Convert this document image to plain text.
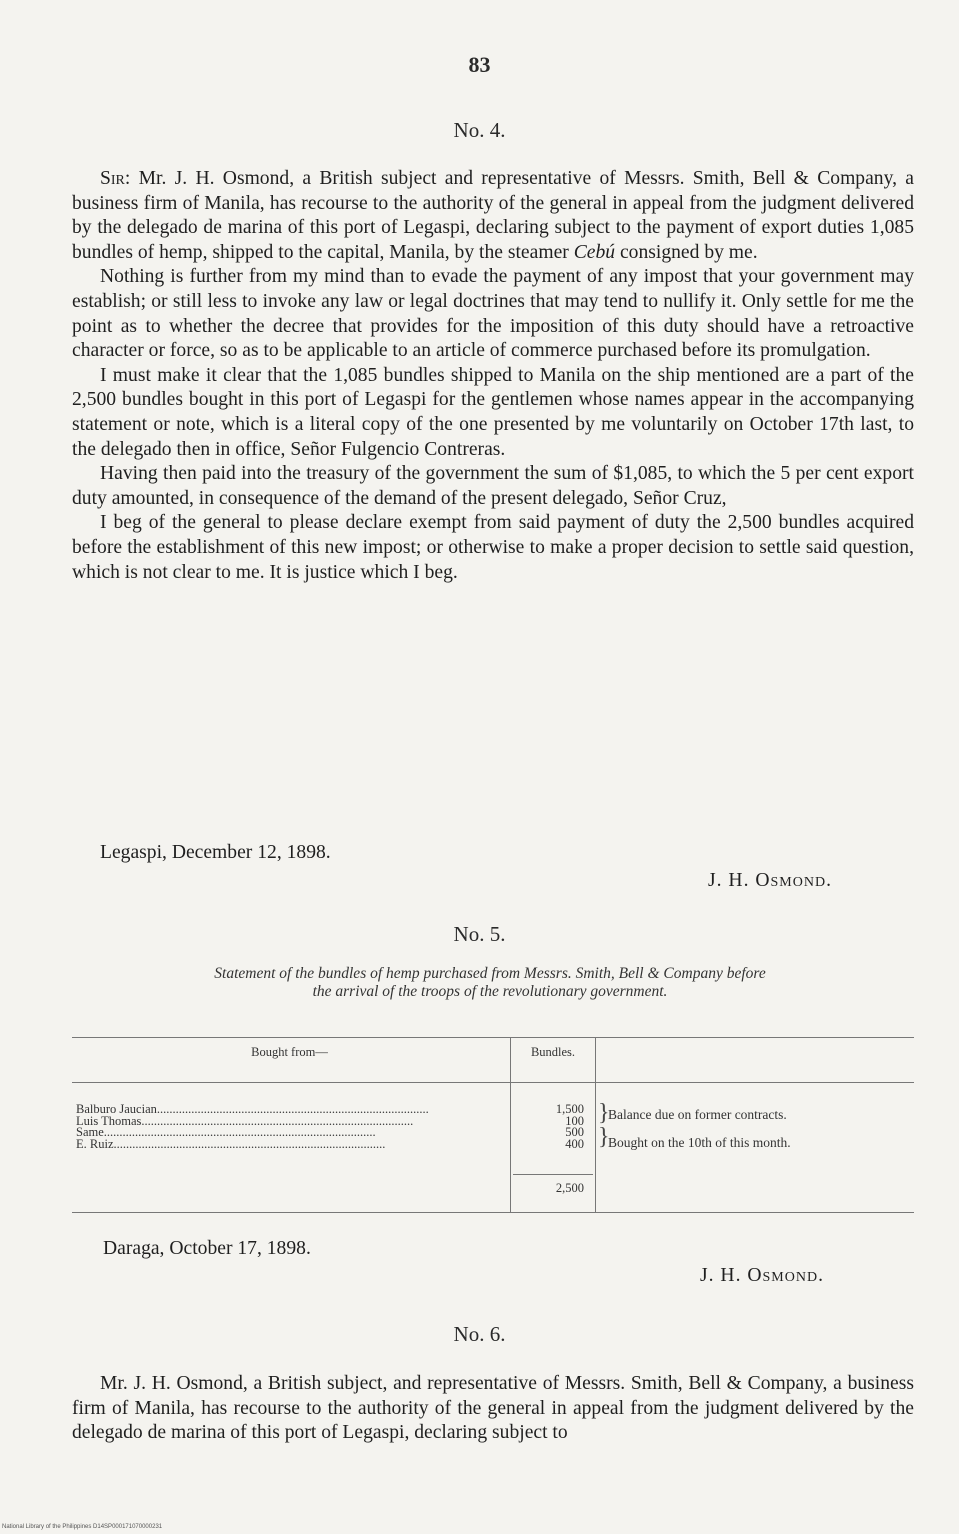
83
No. 4.

Sir: Mr. J. H. Osmond, a British subject and representative of Messrs. Smith, Bell & Company, a business firm of Manila, has recourse to the authority of the general in appeal from the judgment delivered by the delegado de marina of this port of Legaspi, declaring subject to the payment of export duties 1,085 bundles of hemp, shipped to the capital, Manila, by the steamer Cebú consigned by me.

Nothing is further from my mind than to evade the payment of any impost that your government may establish; or still less to invoke any law or legal doctrines that may tend to nullify it. Only settle for me the point as to whether the decree that provides for the imposition of this duty should have a retroactive character or force, so as to be applicable to an article of commerce purchased before its promulgation.

I must make it clear that the 1,085 bundles shipped to Manila on the ship mentioned are a part of the 2,500 bundles bought in this port of Legaspi for the gentlemen whose names appear in the accompanying statement or note, which is a literal copy of the one presented by me voluntarily on October 17th last, to the delegado then in office, Señor Fulgencio Contreras.

Having then paid into the treasury of the government the sum of $1,085, to which the 5 per cent export duty amounted, in consequence of the demand of the present delegado, Señor Cruz,

I beg of the general to please declare exempt from said payment of duty the 2,500 bundles acquired before the establishment of this new impost; or otherwise to make a proper decision to settle said question, which is not clear to me. It is justice which I beg.

Legaspi, December 12, 1898.
J. H. Osmond.
No. 5.
Statement of the bundles of hemp purchased from Messrs. Smith, Bell & Company before
the arrival of the troops of the revolutionary government.
Bought from—	Bundles.
Balburo Jaucian.......................................................................................
Luis Thomas.......................................................................................
Same.......................................................................................
E. Ruiz.......................................................................................
1,500
100
500
400
2,500
}
}
Balance due on former contracts.
Bought on the 10th of this month.
Daraga, October 17, 1898.
J. H. Osmond.
No. 6.

Mr. J. H. Osmond, a British subject, and representative of Messrs. Smith, Bell & Company, a business firm of Manila, has recourse to the authority of the general in appeal from the judgment delivered by the delegado de marina of this port of Legaspi, declaring subject to

National Library of the Philippines D14SP000171070000231
